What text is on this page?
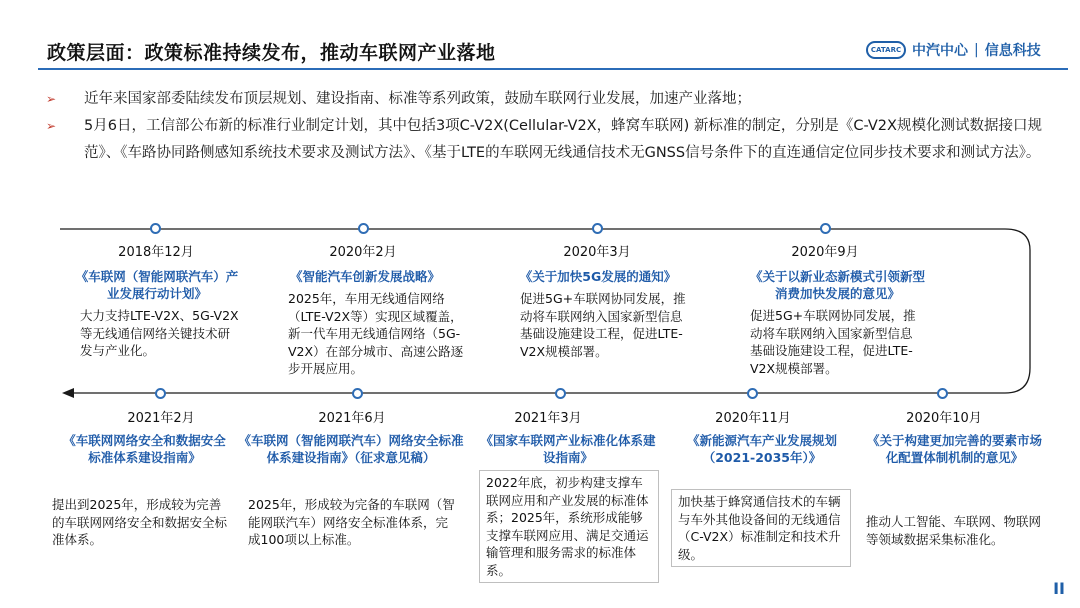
政策层面：政策标准持续发布，推动车联网产业落地	CATARC 中汽中心 | 信息科技
➢	近年来国家部委陆续发布顶层规划、建设指南、标准等系列政策，鼓励车联网行业发展，加速产业落地；
➢	5月6日，工信部公布新的标准行业制定计划，其中包括3项C-V2X(Cellular-V2X，蜂窝车联网) 新标准的制定，分别是《C-V2X规模化测试数据接口规范》、《车路协同路侧感知系统技术要求及测试方法》、《基于LTE的车联网无线通信技术无GNSS信号条件下的直连通信定位同步技术要求和测试方法》。
2018年12月
《车联网（智能网联汽车）产业发展行动计划》
大力支持LTE-V2X、5G-V2X等无线通信网络关键技术研发与产业化。
2020年2月
《智能汽车创新发展战略》
2025年，车用无线通信网络（LTE-V2X等）实现区域覆盖，新一代车用无线通信网络（5G-V2X）在部分城市、高速公路逐步开展应用。
2020年3月
《关于加快5G发展的通知》
促进5G+车联网协同发展，推动将车联网纳入国家新型信息基础设施建设工程，促进LTE-V2X规模部署。
2020年9月
《关于以新业态新模式引领新型消费加快发展的意见》
促进5G+车联网协同发展，推动将车联网纳入国家新型信息基础设施建设工程，促进LTE-V2X规模部署。
2021年2月
《车联网网络安全和数据安全标准体系建设指南》
提出到2025年，形成较为完善的车联网网络安全和数据安全标准体系。
2021年6月
《车联网（智能网联汽车）网络安全标准体系建设指南》（征求意见稿）
2025年，形成较为完备的车联网（智能网联汽车）网络安全标准体系，完成100项以上标准。
2021年3月
《国家车联网产业标准化体系建设指南》
2022年底，初步构建支撑车联网应用和产业发展的标准体系；2025年，系统形成能够支撑车联网应用、满足交通运输管理和服务需求的标准体系。
2020年11月
《新能源汽车产业发展规划（2021-2035年）》
加快基于蜂窝通信技术的车辆与车外其他设备间的无线通信（C-V2X）标准制定和技术升级。
2020年10月
《关于构建更加完善的要素市场化配置体制机制的意见》
推动人工智能、车联网、物联网等领域数据采集标准化。
II
